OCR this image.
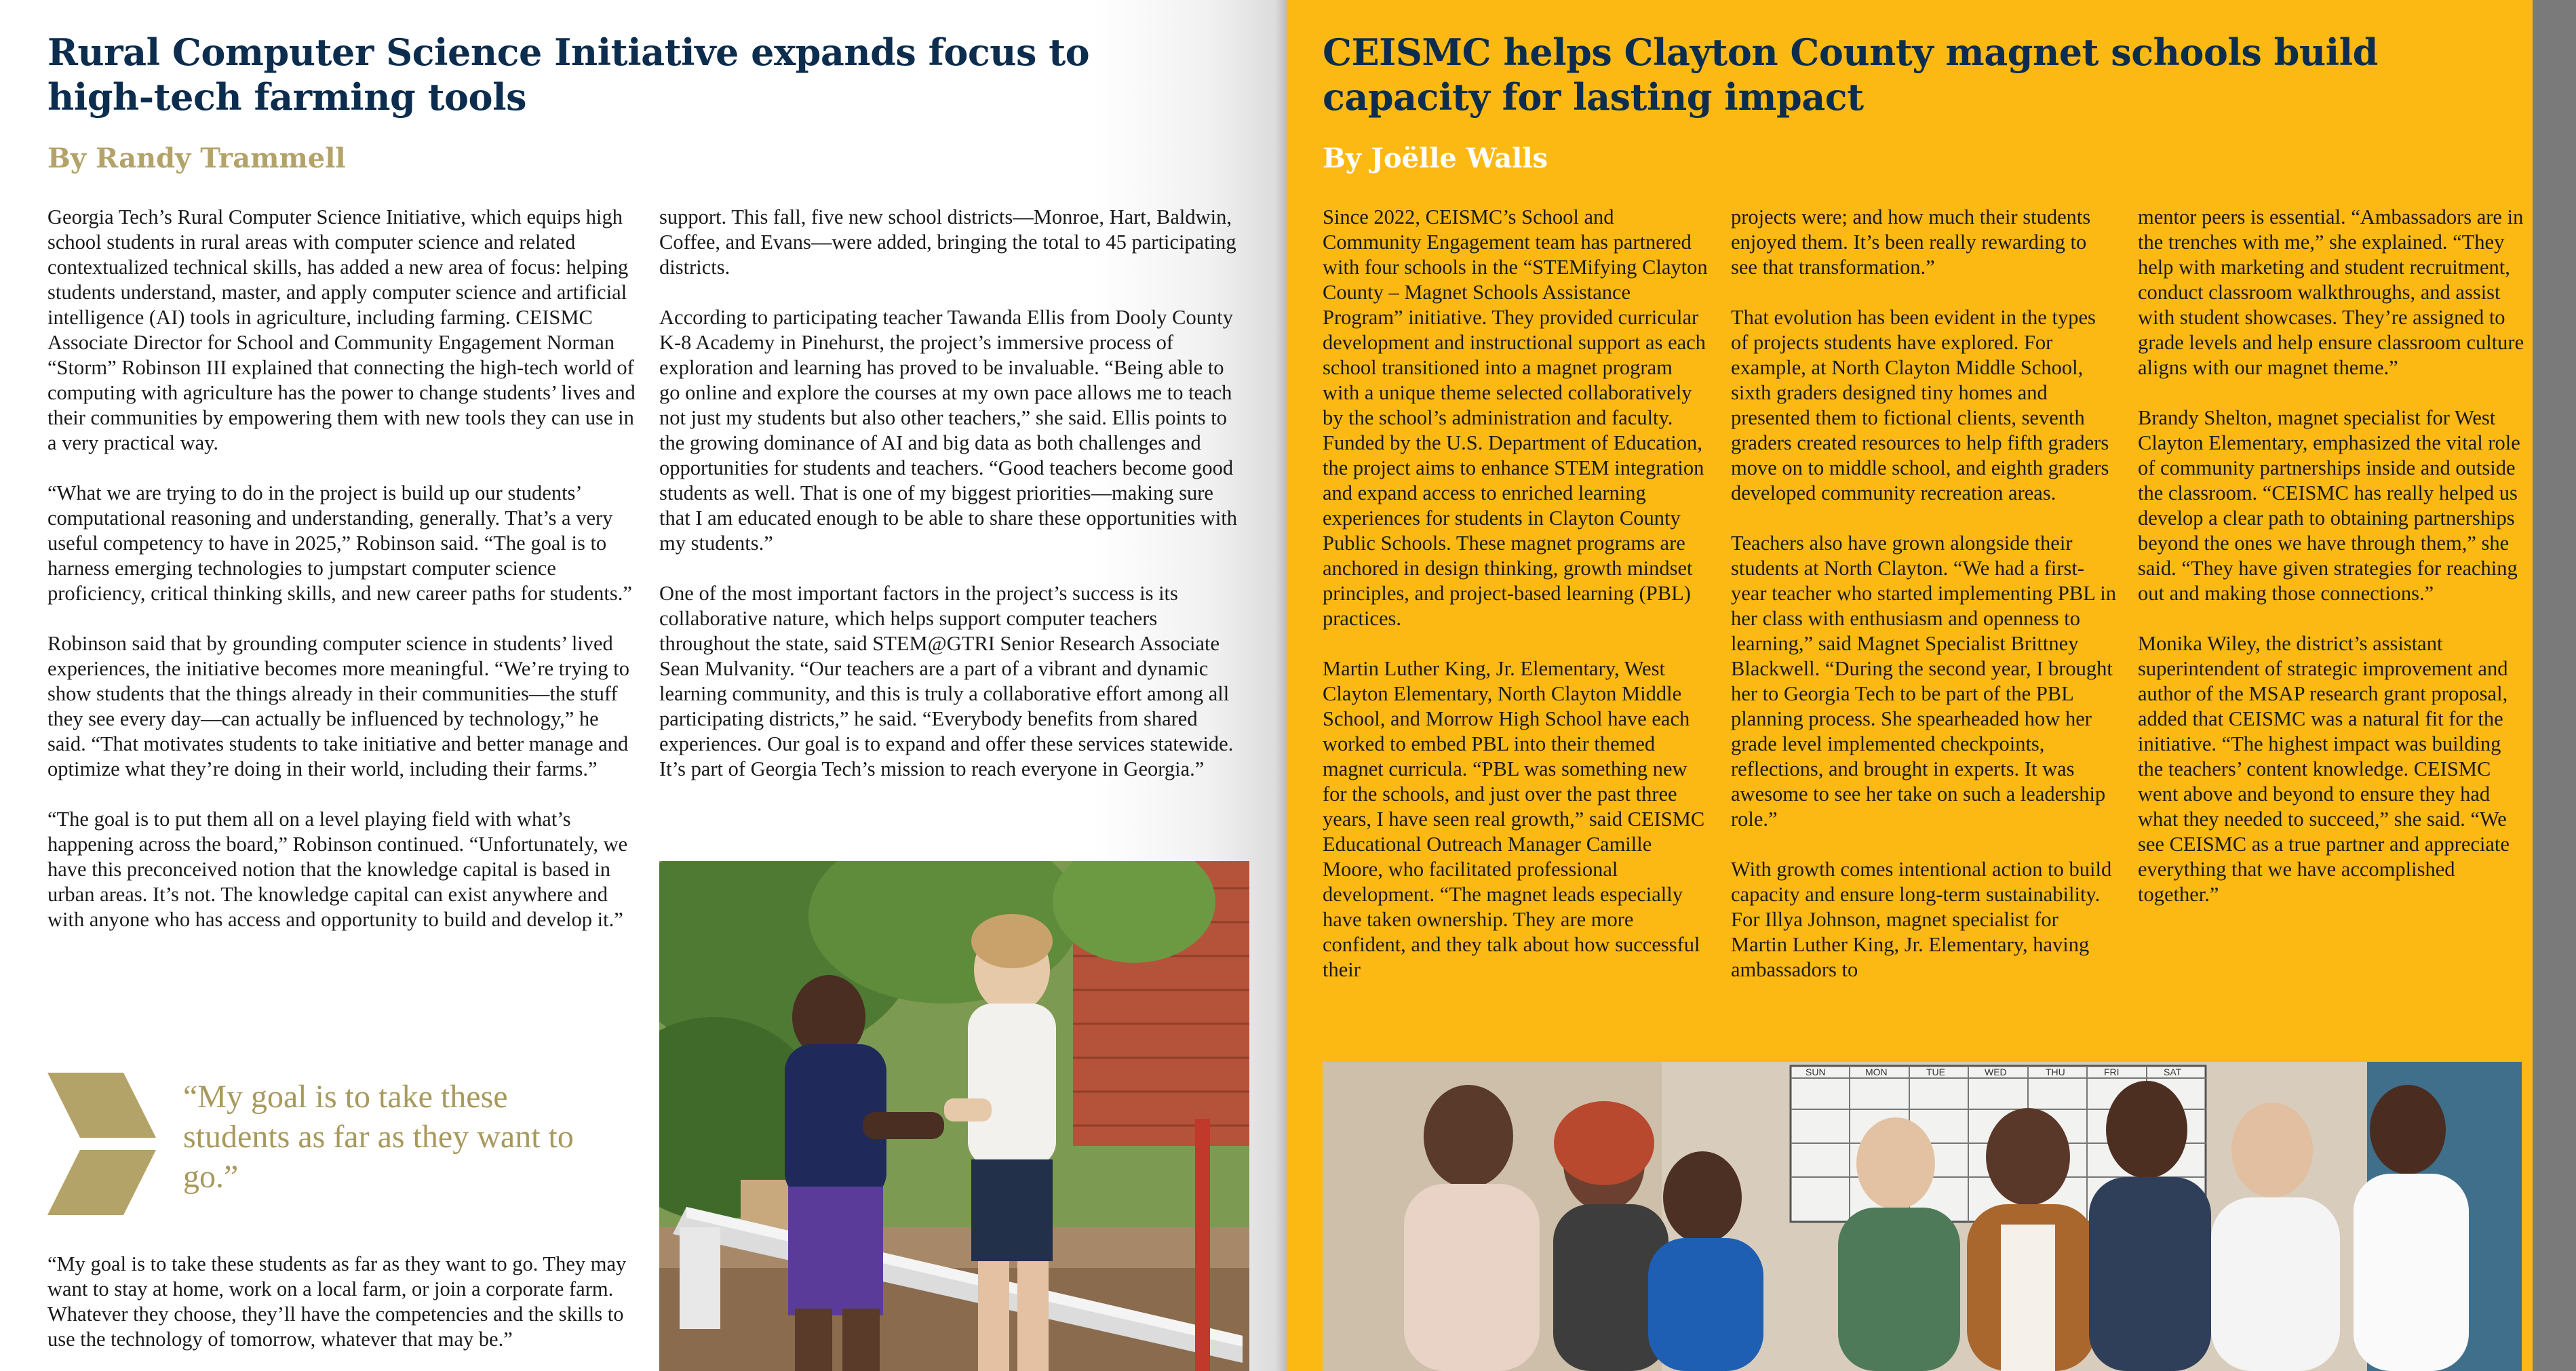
Rural Computer Science Initiative expands focus to high-tech farming tools
By Randy Trammell

Georgia Tech’s Rural Computer Science Initiative, which equips high school students in rural areas with computer science and related contextualized technical skills, has added a new area of focus: helping students understand, master, and apply computer science and artificial intelligence (AI) tools in agriculture, including farming. CEISMC Associate Director for School and Community Engagement Norman “Storm” Robinson III explained that connecting the high-tech world of computing with agriculture has the power to change students’ lives and their communities by empowering them with new tools they can use in a very practical way.

“What we are trying to do in the project is build up our students’ computational reasoning and understanding, generally. That’s a very useful competency to have in 2025,” Robinson said. “The goal is to harness emerging technologies to jumpstart computer science proficiency, critical thinking skills, and new career paths for students.”

Robinson said that by grounding computer science in students’ lived experiences, the initiative becomes more meaningful. “We’re trying to show students that the things already in their communities—the stuff they see every day—can actually be influenced by technology,” he said. “That motivates students to take initiative and better manage and optimize what they’re doing in their world, including their farms.”

“The goal is to put them all on a level playing field with what’s happening across the board,” Robinson continued. “Unfortunately, we have this preconceived notion that the knowledge capital is based in urban areas. It’s not. The knowledge capital can exist anywhere and with anyone who has access and opportunity to build and develop it.”

“My goal is to take these students as far as they want to go.”

“My goal is to take these students as far as they want to go. They may want to stay at home, work on a local farm, or join a corporate farm. Whatever they choose, they’ll have the competencies and the skills to use the technology of tomorrow, whatever that may be.”

support. This fall, five new school districts—Monroe, Hart, Baldwin, Coffee, and Evans—were added, bringing the total to 45 participating districts.

According to participating teacher Tawanda Ellis from Dooly County K-8 Academy in Pinehurst, the project’s immersive process of exploration and learning has proved to be invaluable. “Being able to go online and explore the courses at my own pace allows me to teach not just my students but also other teachers,” she said. Ellis points to the growing dominance of AI and big data as both challenges and opportunities for students and teachers. “Good teachers become good students as well. That is one of my biggest priorities—making sure that I am educated enough to be able to share these opportunities with my students.”

One of the most important factors in the project’s success is its collaborative nature, which helps support computer teachers throughout the state, said STEM@GTRI Senior Research Associate Sean Mulvanity. “Our teachers are a part of a vibrant and dynamic learning community, and this is truly a collaborative effort among all participating districts,” he said. “Everybody benefits from shared experiences. Our goal is to expand and offer these services statewide. It’s part of Georgia Tech’s mission to reach everyone in Georgia.”

CEISMC helps Clayton County magnet schools build capacity for lasting impact
By Joëlle Walls

Since 2022, CEISMC’s School and Community Engagement team has partnered with four schools in the “STEMifying Clayton County – Magnet Schools Assistance Program” initiative. They provided curricular development and instructional support as each school transitioned into a magnet program with a unique theme selected collaboratively by the school’s administration and faculty. Funded by the U.S. Department of Education, the project aims to enhance STEM integration and expand access to enriched learning experiences for students in Clayton County Public Schools. These magnet programs are anchored in design thinking, growth mindset principles, and project-based learning (PBL) practices.

Martin Luther King, Jr. Elementary, West Clayton Elementary, North Clayton Middle School, and Morrow High School have each worked to embed PBL into their themed magnet curricula. “PBL was something new for the schools, and just over the past three years, I have seen real growth,” said CEISMC Educational Outreach Manager Camille Moore, who facilitated professional development. “The magnet leads especially have taken ownership. They are more confident, and they talk about how successful their

projects were; and how much their students enjoyed them. It’s been really rewarding to see that transformation.”

That evolution has been evident in the types of projects students have explored. For example, at North Clayton Middle School, sixth graders designed tiny homes and presented them to fictional clients, seventh graders created resources to help fifth graders move on to middle school, and eighth graders developed community recreation areas.

Teachers also have grown alongside their students at North Clayton. “We had a first-year teacher who started implementing PBL in her class with enthusiasm and openness to learning,” said Magnet Specialist Brittney Blackwell. “During the second year, I brought her to Georgia Tech to be part of the PBL planning process. She spearheaded how her grade level implemented checkpoints, reflections, and brought in experts. It was awesome to see her take on such a leadership role.”

With growth comes intentional action to build capacity and ensure long-term sustainability. For Illya Johnson, magnet specialist for Martin Luther King, Jr. Elementary, having ambassadors to

mentor peers is essential. “Ambassadors are in the trenches with me,” she explained. “They help with marketing and student recruitment, conduct classroom walkthroughs, and assist with student showcases. They’re assigned to grade levels and help ensure classroom culture aligns with our magnet theme.”

Brandy Shelton, magnet specialist for West Clayton Elementary, emphasized the vital role of community partnerships inside and outside the classroom. “CEISMC has really helped us develop a clear path to obtaining partnerships beyond the ones we have through them,” she said. “They have given strategies for reaching out and making those connections.”

Monika Wiley, the district’s assistant superintendent of strategic improvement and author of the MSAP research grant proposal, added that CEISMC was a natural fit for the initiative. “The highest impact was building the teachers’ content knowledge. CEISMC went above and beyond to ensure they had what they needed to succeed,” she said. “We see CEISMC as a true partner and appreciate everything that we have accomplished together.”

SUN	MON	TUE	WED	THU	FRI	SAT
